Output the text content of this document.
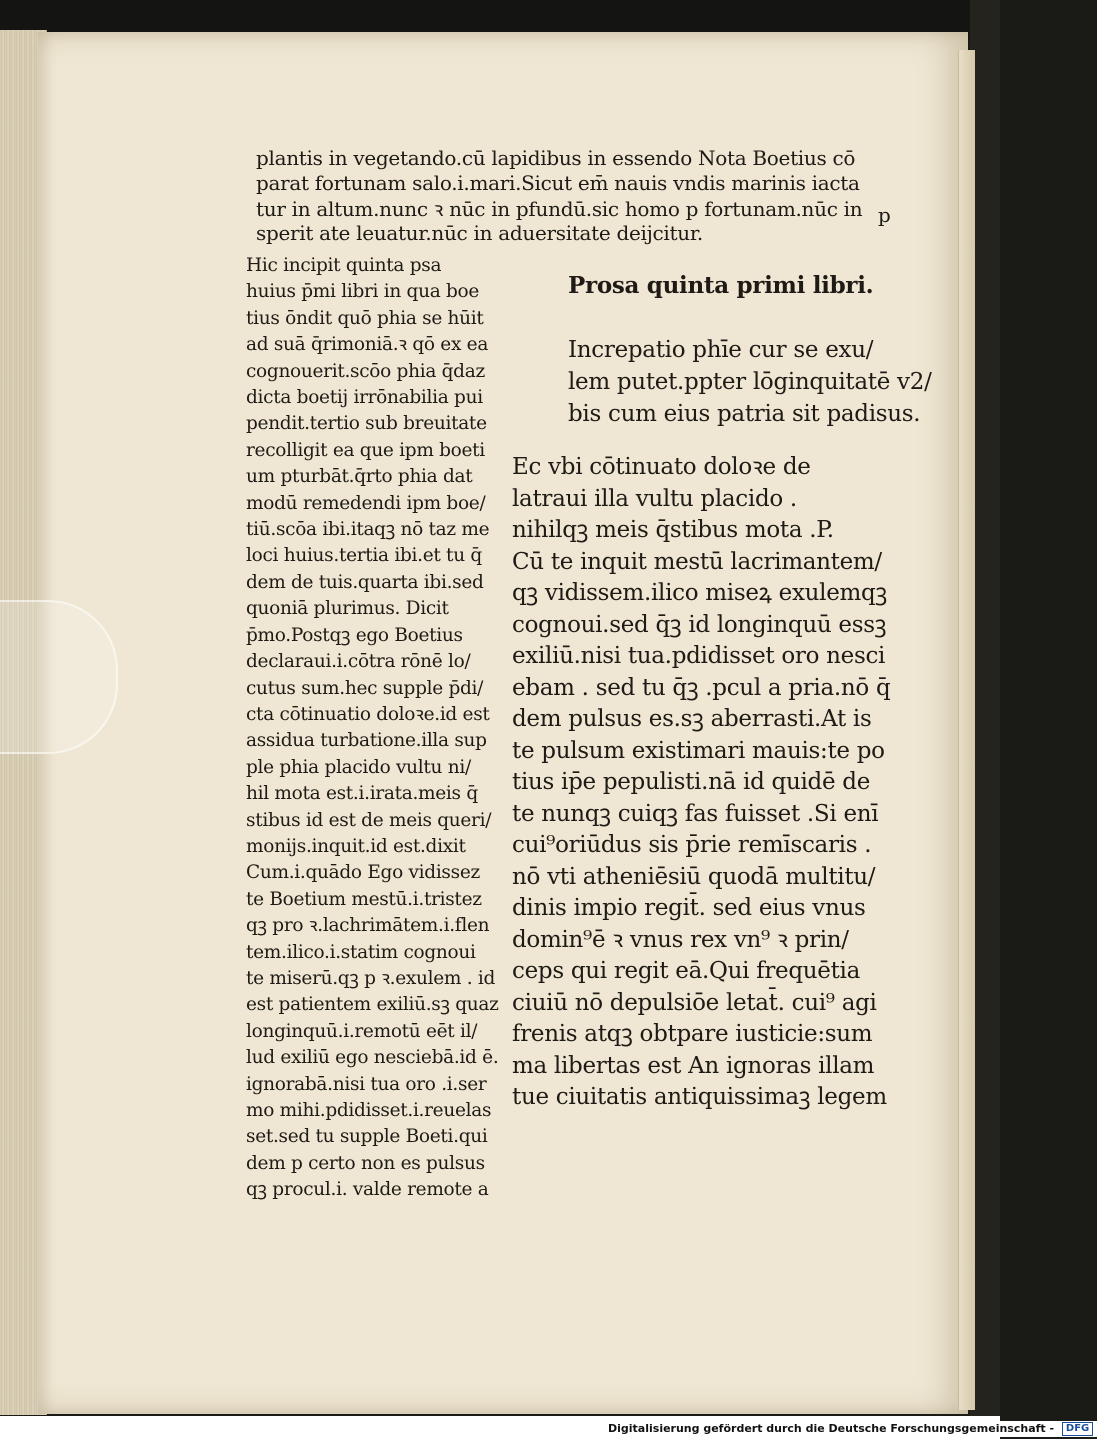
plantis in vegetando.cū lapidibus in essendo Nota Boetius cō
parat fortunam salo.i.mari.Sicut em̄ nauis vndis marinis iacta
tur in altum.nunc ꝛ nūc in pfundū.sic homo p fortunam.nūc in
sperit ate leuatur.nūc in aduersitate deijcitur.
p
Hic incipit quinta psa
huius p̄mi libri in qua boe
tius ōndit quō phia se hūit
ad suā q̄rimoniā.ꝛ qō ex ea
cognouerit.scōo phia q̄daz
dicta boetij irrōnabilia pui
pendit.tertio sub breuitate
recolligit ea que ipm boeti
um pturbāt.q̄rto phia dat
modū remedendi ipm boe/
tiū.scōa ibi.itaqꝫ nō taz me
loci huius.tertia ibi.et tu q̄
dem de tuis.quarta ibi.sed
quoniā plurimus. Dicit
p̄mo.Postqꝫ ego Boetius
declaraui.i.cōtra rōnē lo/
cutus sum.hec supple p̄di/
cta cōtinuatio doloꝛe.id est
assidua turbatione.illa sup
ple phia placido vultu ni/
hil mota est.i.irata.meis q̄
stibus id est de meis queri/
monijs.inquit.id est.dixit
Cum.i.quādo Ego vidissez
te Boetium mestū.i.tristez
qꝫ pro ꝛ.lachrimātem.i.flen
tem.ilico.i.statim cognoui
te miserū.qꝫ p ꝛ.exulem . id
est patientem exiliū.sꝫ quaz
longinquū.i.remotū eēt il/
lud exiliū ego nesciebā.id ē.
ignorabā.nisi tua oro .i.ser
mo mihi.pdidisset.i.reuelas
set.sed tu supple Boeti.qui
dem p certo non es pulsus
qꝫ procul.i. valde remote a
Prosa quinta primi libri.
Increpatio phīe cur se exu/
lem putet.ppter lōginquitatē v2/
bis cum eius patria sit padisus.
Ec vbi cōtinuato doloꝛe de
latraui illa vultu placido .
nihilqꝫ meis q̄stibus mota .P.
Cū te inquit mestū lacrimantem/
qꝫ vidissem.ilico miseꝝ exulemqꝫ
cognoui.sed q̄ꝫ id longinquū essꝫ
exiliū.nisi tua.pdidisset oro nesci
ebam . sed tu q̄ꝫ .pcul a pria.nō q̄
dem pulsus es.sꝫ aberrasti.At is
te pulsum existimari mauis:te po
tius ip̄e pepulisti.nā id quidē de
te nunqꝫ cuiqꝫ fas fuisset .Si enī
cui⁹oriūdus sis p̄rie remīscaris .
nō vti atheniēsiū quodā multitu/
dinis impio regit̄. sed eius vnus
domin⁹ē ꝛ vnus rex vn⁹ ꝛ prin/
ceps qui regit eā.Qui frequētia
ciuiū nō depulsiōe letat̄. cui⁹ agi
frenis atqꝫ obtpare iusticie:sum
ma libertas est An ignoras illam
tue ciuitatis antiquissimaꝫ legem
Digitalisierung gefördert durch die Deutsche Forschungsgemeinschaft - DFG
